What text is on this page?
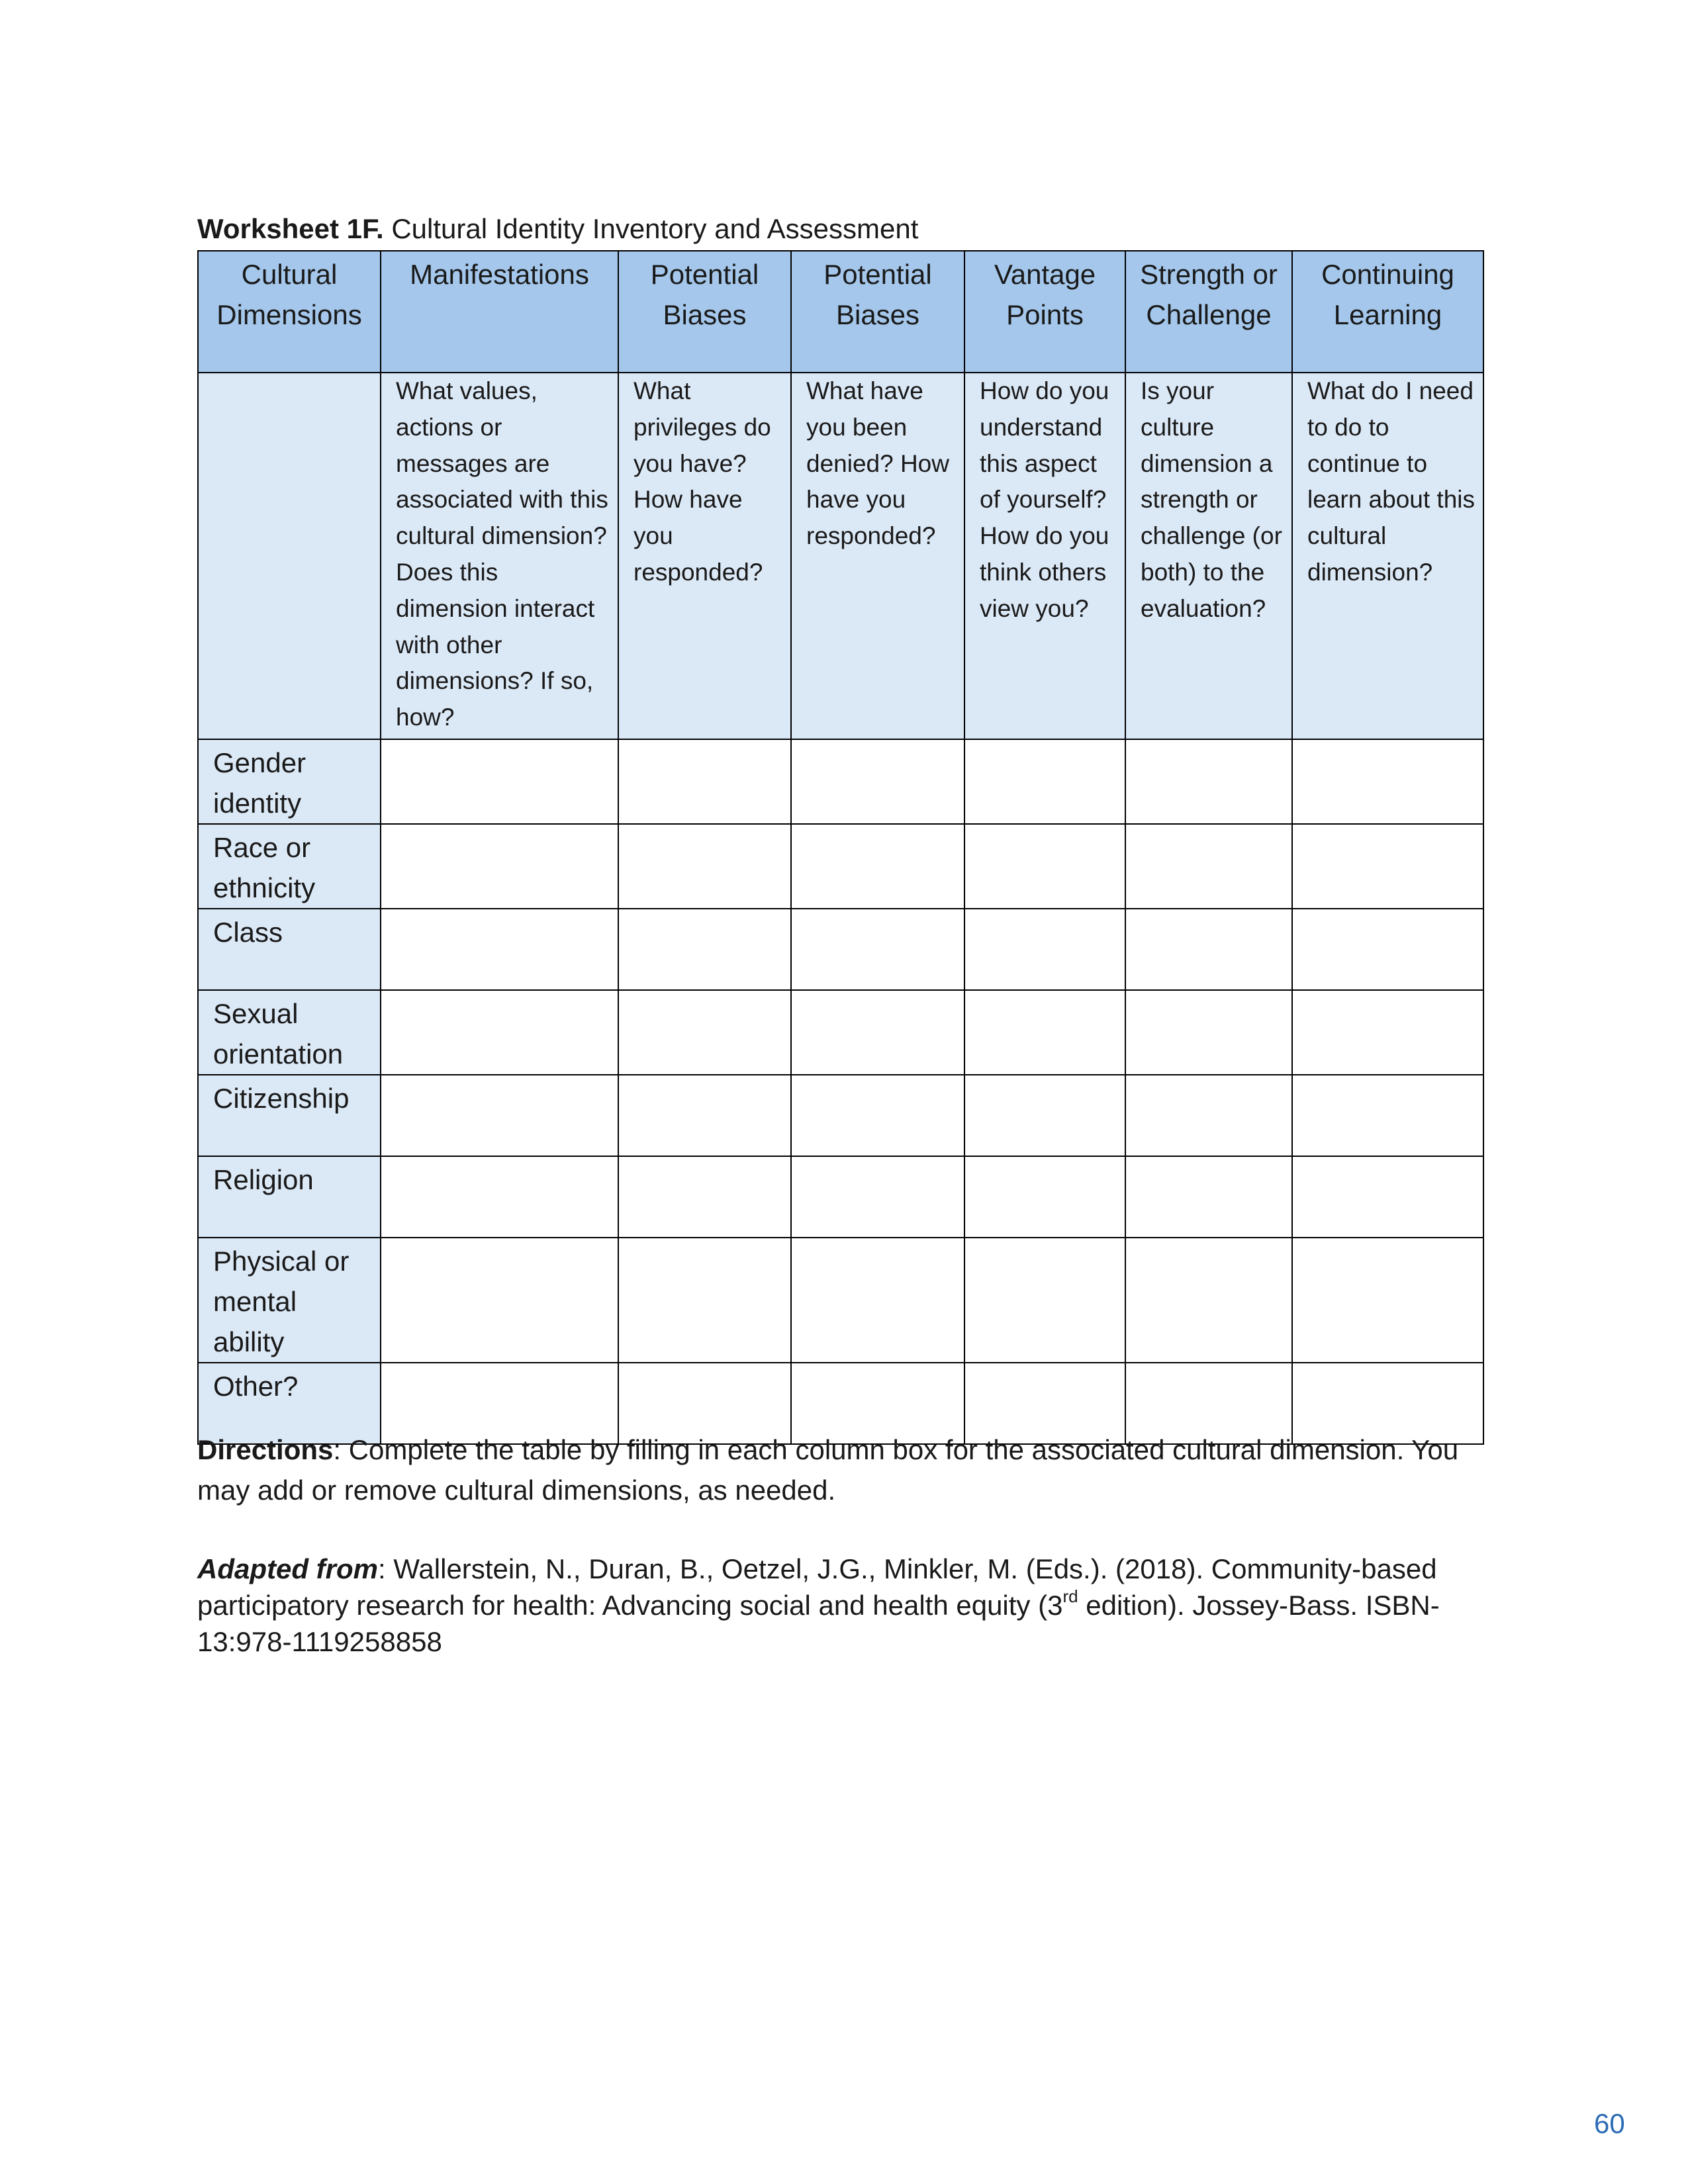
Worksheet 1F. Cultural Identity Inventory and Assessment
Cultural Dimensions	Manifestations	Potential Biases	Potential Biases	Vantage Points	Strength or Challenge	Continuing Learning
	What values, actions or messages are associated with this cultural dimension? Does this dimension interact with other dimensions? If so, how?	What privileges do you have? How have you responded?	What have you been denied? How have you responded?	How do you understand this aspect of yourself? How do you think others view you?	Is your culture dimension a strength or challenge (or both) to the evaluation?	What do I need to do to continue to learn about this cultural dimension?
Gender identity						
Race or ethnicity						
Class						
Sexual orientation						
Citizenship						
Religion						
Physical or mental ability						
Other?						
Directions: Complete the table by filling in each column box for the associated cultural dimension. You may add or remove cultural dimensions, as needed.
Adapted from: Wallerstein, N., Duran, B., Oetzel, J.G., Minkler, M. (Eds.). (2018). Community-based participatory research for health: Advancing social and health equity (3rd edition). Jossey-Bass. ISBN-13:978-1119258858
60
